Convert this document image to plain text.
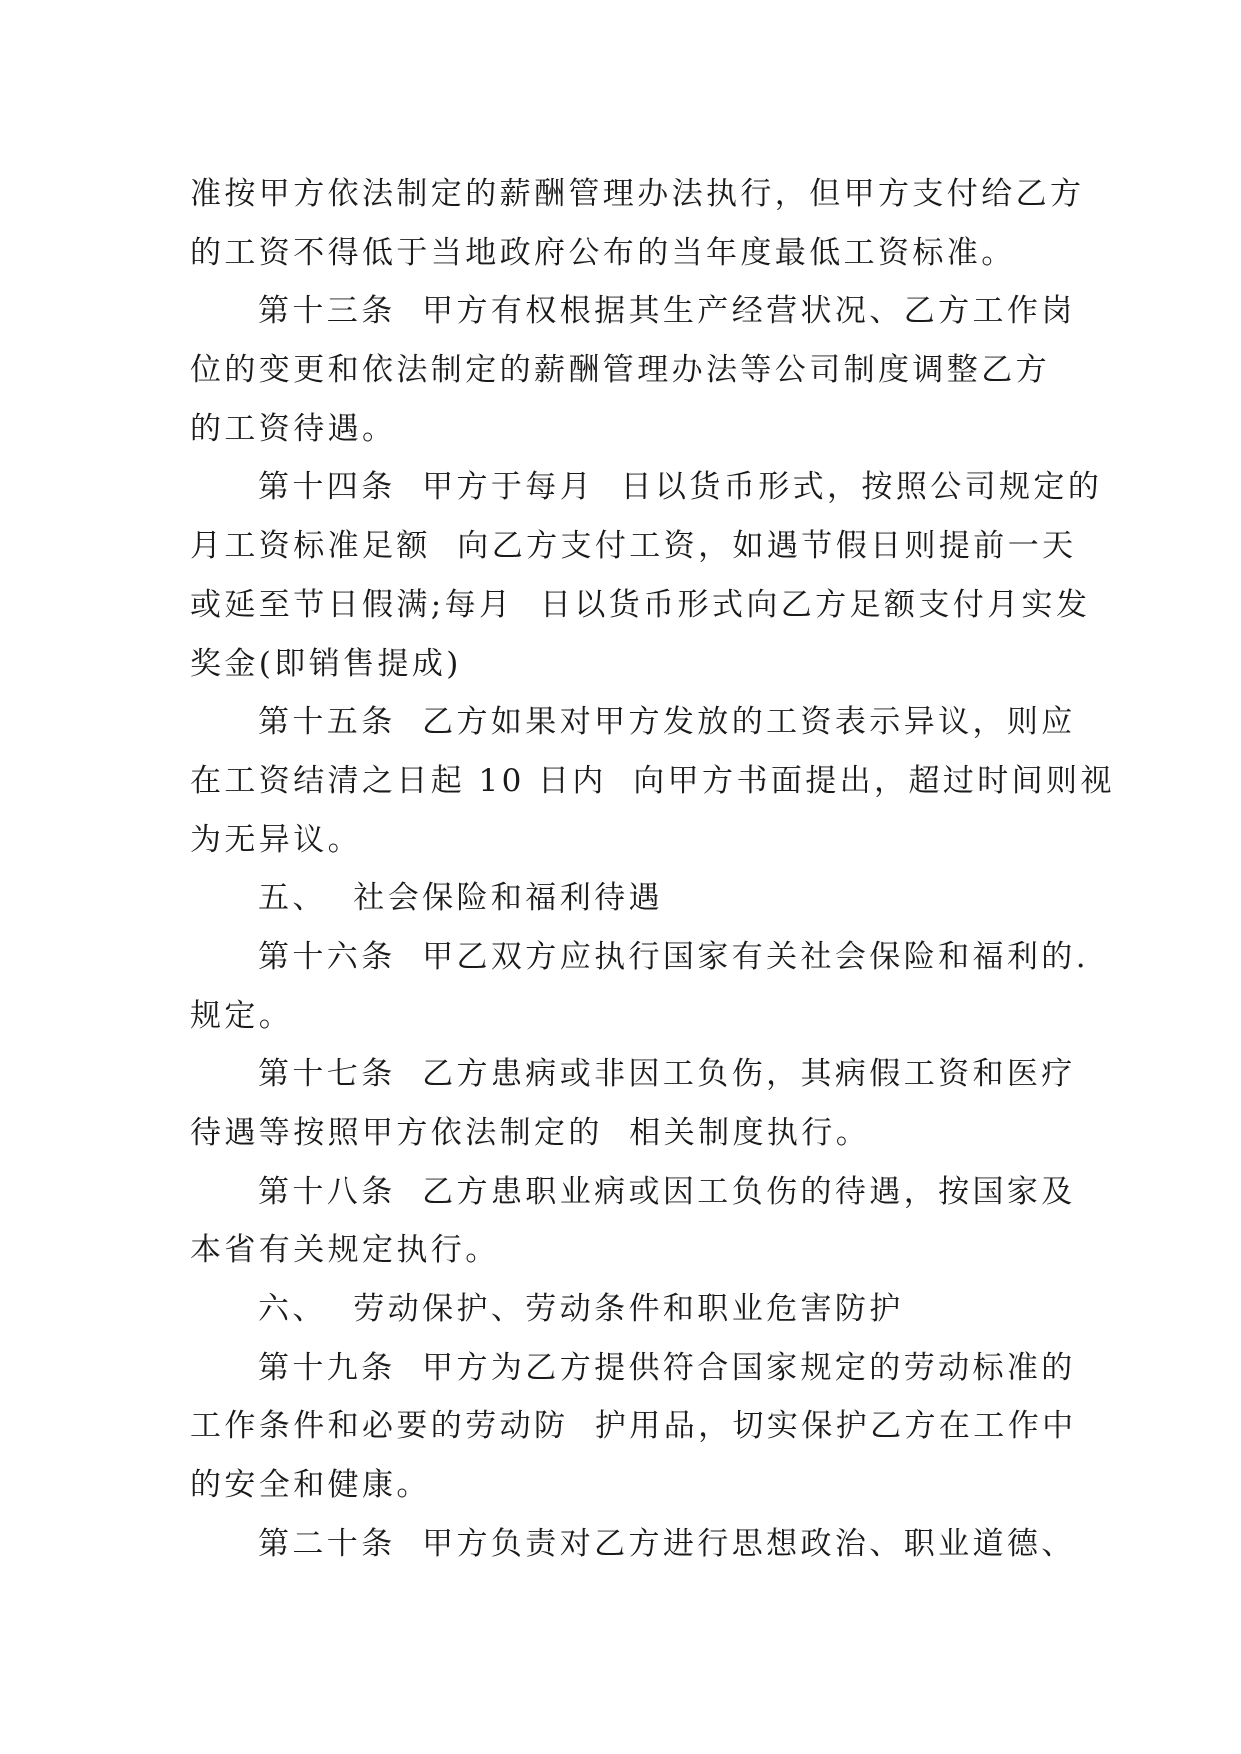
准按甲方依法制定的薪酬管理办法执行，但甲方支付给乙方
的工资不得低于当地政府公布的当年度最低工资标准。
第十三条  甲方有权根据其生产经营状况、乙方工作岗
位的变更和依法制定的薪酬管理办法等公司制度调整乙方
的工资待遇。
第十四条  甲方于每月  日以货币形式，按照公司规定的
月工资标准足额  向乙方支付工资，如遇节假日则提前一天
或延至节日假满;每月  日以货币形式向乙方足额支付月实发
奖金(即销售提成)
第十五条  乙方如果对甲方发放的工资表示异议，则应
在工资结清之日起 10 日内  向甲方书面提出，超过时间则视
为无异议。
五、  社会保险和福利待遇
第十六条  甲乙双方应执行国家有关社会保险和福利的.
规定。
第十七条  乙方患病或非因工负伤，其病假工资和医疗
待遇等按照甲方依法制定的  相关制度执行。
第十八条  乙方患职业病或因工负伤的待遇，按国家及
本省有关规定执行。
六、  劳动保护、劳动条件和职业危害防护
第十九条  甲方为乙方提供符合国家规定的劳动标准的
工作条件和必要的劳动防  护用品，切实保护乙方在工作中
的安全和健康。
第二十条  甲方负责对乙方进行思想政治、职业道德、
